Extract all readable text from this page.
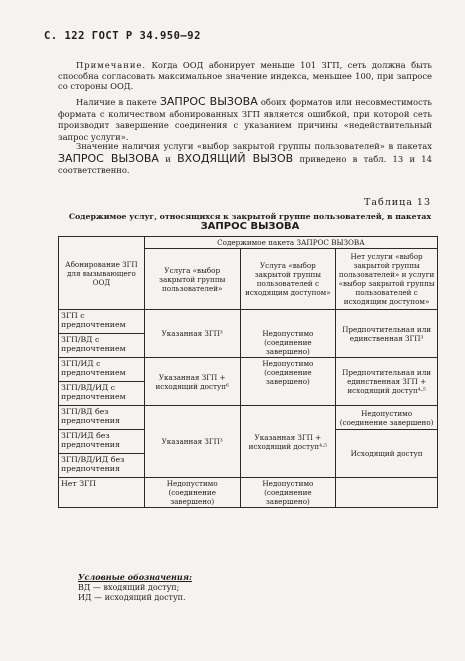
С. 122 ГОСТ Р 34.950—92
Примечание. Когда ООД абонирует меньше 101 ЗГП, сеть должна быть способна согласовать максимальное значение индекса, меньшее 100, при запросе со стороны ООД.
Наличие в пакете ЗАПРОС ВЫЗОВА обоих форматов или несовместимость формата с количеством абонированных ЗГП является ошибкой, при которой сеть производит завершение соединения с указанием причины «недействительный запрос услуги».
Значение наличия услуги «выбор закрытой группы пользователей» в пакетах ЗАПРОС ВЫЗОВА и ВХОДЯЩИЙ ВЫЗОВ приведено в табл. 13 и 14 соответственно.
Таблица 13
Содержимое услуг, относящихся к закрытой группе пользователей, в пакетах
ЗАПРОС ВЫЗОВА
Абонирование ЗГП для вызывающего ООД	Содержимое пакета ЗАПРОС ВЫЗОВА		
	Услуга «выбор закрытой группы пользователей»	Услуга «выбор закрытой группы пользователей с исходящим доступом»	Нет услуги «выбор закрытой группы пользователей» и услуги «выбор закрытой группы пользователей с исходящим доступом»
ЗГП с предпочтением	Указанная ЗГП³	Недопустимо (соединение завершено)	Предпочтительная или единственная ЗГП³
ЗГП/ВД с предпочтением			
ЗГП/ИД с предпочтением	Указанная ЗГП + исходящий доступ⁶	Недопустимо (соединение завершено)	Предпочтительная или единственная ЗГП + исходящий доступ⁴·⁵
ЗГП/ВД/ИД с предпочтением			
ЗГП/ВД без предпочтения	Указанная ЗГП³	Указанная ЗГП + исходящий доступ⁴·⁵	Недопустимо (соединение завершено)
ЗГП/ИД без предпочтения			Исходящий доступ
ЗГП/ВД/ИД без предпочтения			
Нет ЗГП	Недопустимо (соединение завершено)	Недопустимо (соединение завершено)	
Условные обозначения:
ВД — входящий доступ;
ИД — исходящий доступ.
